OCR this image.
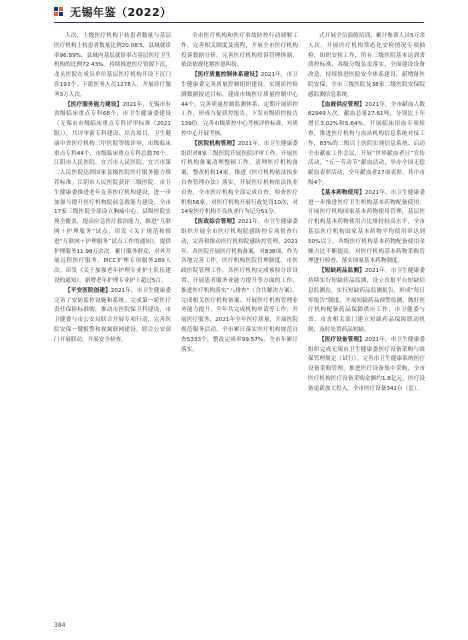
无锡年鉴（2022）

人次，上级医疗机构下转患者数量与基层医疗机构上转患者数量比例20.08∶5，县域就诊率96.89%，县域内基层就诊率占基层医疗卫生机构的比例72.43%。持续推进医疗资源下沉，龙头医院在成员单位基层医疗机构开设下沉门诊193个，下派医务人员1278人，开展诊疗服务3万人次。

【医疗服务能力建设】2021年，无锡市有省级临床重点专科68个，市卫生健康委建设（无锡市市级临床重点专科评审标准（2021版）），共评审新专科建设、培育项目，卫生健康中省医疗机构三甲医院等级评审，市级临床重点专科44个，市级临床重点专科总数76个。江阴市人民医院、宜兴市人民医院、宜兴市第二人民医院达到国家县级医院医疗服务能力推荐标准。江阴市人民医院获评三级医院。市卫生健康委推进老年友善医疗机构建设，进一步加强与提升医疗机构院前急救能力建设，全市17家三级医院全部设立胸痛中心，县级医院实现全覆盖，提高应急医疗救治能力，推进“互联网＋护理服务”试点，印发《关于规范和推进“互联网＋护理服务”试点工作的通知》，提供护理服务11.98万余次，累计服务群众，对外开展远程医疗服务，PICC护理专项服务289人次。印发《关于加强老年护理专业护士队伍建设的通知》，新增老年护理专业护士超过5百。

【平安医院创建】2021年，市卫生健康委完善了安防监控设施和系统，完成第一轮医疗责任保险标准购，推动市医院保卫科建设，市卫健委与市公安局联合开展专项行动，完善医院安保一键报警和视频联网建设，联合公安部门开展联动，开展安全检查。

全市医疗机构和医疗事故防控行动调解工作，完善相关制度及流程，开展全市医疗机构投诉数据分析，完善医疗机构投诉管理体制，依法依规化解医患纠纷。

【医疗质量控制体系建设】2021年，市卫生健康委完善质量控制组织建设，实现质控检测数据报送目标，建成市级医疗质量控制中心44个，完善质量控制监测体系，定期开展质控工作，形成互促质控报告，下发市级质控报告139份。完善市级质控中心考核评价标准，对质控中心开展考核。

【医院机构管理】2021年，市卫生健康委组织对8家三级医院开展医院评审工作。开展医疗机构备案清理整顿工作，清理医疗机构备案，整改机构14家。推进《医疗机构依法执业自查管理办法》落实，开展医疗机构依法执业自查，全市医疗机构全部完成自查。检查医疗机构56家，对医疗机构开展行政处罚10次，对14家医疗机构不良执业行为记分51分。

【医政综合管理】2021年，市卫生健康委组织开展全市医疗机构院感防控专项督查行动，完善和推动医疗机构院感防控管理。2021年，各医院开展医疗机构备案，对838项，作为各地完善工作，医疗机构医院管理制度，市医政医院管理工作，各医疗机构完成预检分诊设置、开展患者服务业能力提升等方面的工作，推进医疗机构落实“八排查”（含共解决方案），完成相关医疗机构备案、开展医疗机构管理业务能力提升，全年共完成机构申请等工作；开展医疗服务，2021年全年医疗质量，开展医院规范服务活动，全市累计落实医疗机构规范自查5333个，整改完成率99.57%，全市年累计落实。

式开展全员演练培训，累计参训人员5万余人次。开展医疗机构常态化安检情况专项抽检，组织安检工作，所有三级医院基本达到省质控标准，各级分级负责落实，全面建设设备改造，持续推进医院安全体系建设，新增备医院安保、全市三级医院及38家二级医院安保院感监测信息系统。

【血液供应管理】2021年，全市献血人数82949人次，献血总量27.61吨，分别比上年增长3.02%和5.64%。开展临床用血专项检查，推进医疗机构与血站机构信息系统对接工作，83%的二级以上医院实现信息系统。启动全市献血工作会议，开展“世界献血者日”宣传活动，“五一劳动节”献血活动，举办全国无偿献血表彰活动，全年献血者27项表彰，其中市级4个。

【基本药物使用】2021年，市卫生健康委进一步推进医疗卫生机构基本药物配备使用，开展医疗机构国家基本药物使用管理，基层医疗机构基本药物使用占比维持较高水平，全市基层医疗机构国家基本药物平均使用率达到50%以上，各级医疗机构基本药物配备使用金额占比不断提高，对医疗机构基本药物采购管理进行检查，落实国家基本药物制度。

【短缺药品监测】2021年，市卫生健康委持续实行短缺药品监测，设立直报平台短缺信息监测点，实行短缺药品监测报告，形成“每日零报告”制度，开展短缺药品预警监测，做好医疗机构配备药品保障供应工作，市卫健委与省、市直相关部门建立短缺药品保障联动机制，及时处置药品短缺。

【医疗设备管理】2021年，市卫生健康委组织完成无锡市卫生健康委医疗设备采购与维保管理规定（试行），完善市卫生健康系统医疗设备采购管理，推进医疗设备集中采购，全市医疗机构医疗设备采购金额约1.8亿元，医疗设备更新加大投入，全市医疗设备342台（套）。

384
